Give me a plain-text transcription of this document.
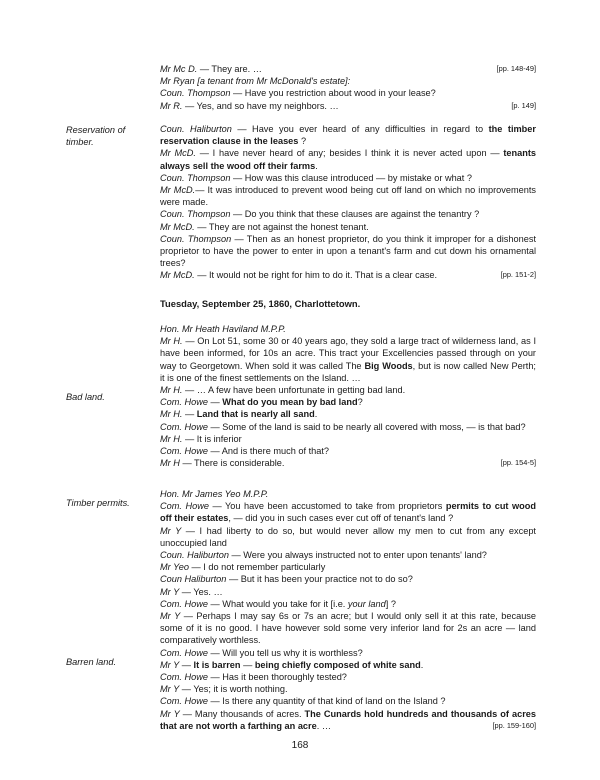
Reservation of timber.
Bad land.
Timber permits.
Barren land.
[pp. 148-49]
Mr Mc D. — They are. …
Mr Ryan [a tenant from Mr McDonald's estate]:
Coun. Thompson — Have you restriction about wood in your lease?
[p. 149]
Mr R. — Yes, and so have my neighbors. …
Coun. Haliburton — Have you ever heard of any difficulties in regard to the timber reservation clause in the leases ?
Mr McD. — I have never heard of any; besides I think it is never acted upon — tenants always sell the wood off their farms.
Coun. Thompson — How was this clause introduced — by mistake or what ?
Mr McD.— It was introduced to prevent wood being cut off land on which no improvements were made.
Coun. Thompson — Do you think that these clauses are against the tenantry ?
Mr McD. — They are not against the honest tenant.
Coun. Thompson — Then as an honest proprietor, do you think it improper for a dishonest proprietor to have the power to enter in upon a tenant's farm and cut down his ornamental trees?
[pp. 151-2]
Mr McD. — It would not be right for him to do it. That is a clear case.
Tuesday, September 25, 1860, Charlottetown.
Hon. Mr Heath Haviland M.P.P.
Mr H. — On Lot 51, some 30 or 40 years ago, they sold a large tract of wilderness land, as I have been informed, for 10s an acre. This tract your Excellencies passed through on your way to Georgetown. When sold it was called The Big Woods, but is now called New Perth; it is one of the finest settlements on the Island. …
Mr H. — … A few have been unfortunate in getting bad land.
Com. Howe — What do you mean by bad land?
Mr H. — Land that is nearly all sand.
Com. Howe — Some of the land is said to be nearly all covered with moss, — is that bad?
Mr H. — It is inferior
Com. Howe — And is there much of that?
[pp. 154-5]
Mr H — There is considerable.
Hon. Mr James Yeo M.P.P.
Com. Howe — You have been accustomed to take from proprietors permits to cut wood off their estates, — did you in such cases ever cut off of tenant's land ?
Mr Y — I had liberty to do so, but would never allow my men to cut from any except unoccupied land
Coun. Haliburton — Were you always instructed not to enter upon tenants' land?
Mr Yeo — I do not remember particularly
Coun Haliburton — But it has been your practice not to do so?
Mr Y — Yes. …
Com. Howe — What would you take for it [i.e. your land] ?
Mr Y — Perhaps I may say 6s or 7s an acre; but I would only sell it at this rate, because some of it is no good. I have however sold some very inferior land for 2s an acre — land comparatively worthless.
Com. Howe — Will you tell us why it is worthless?
Mr Y — It is barren — being chiefly composed of white sand.
Com. Howe — Has it been thoroughly tested?
Mr Y — Yes; it is worth nothing.
Com. Howe — Is there any quantity of that kind of land on the Island ?
Mr Y — Many thousands of acres. The Cunards hold hundreds and thousands of acres that are not worth a farthing an acre. …	[pp. 159-160]
168
